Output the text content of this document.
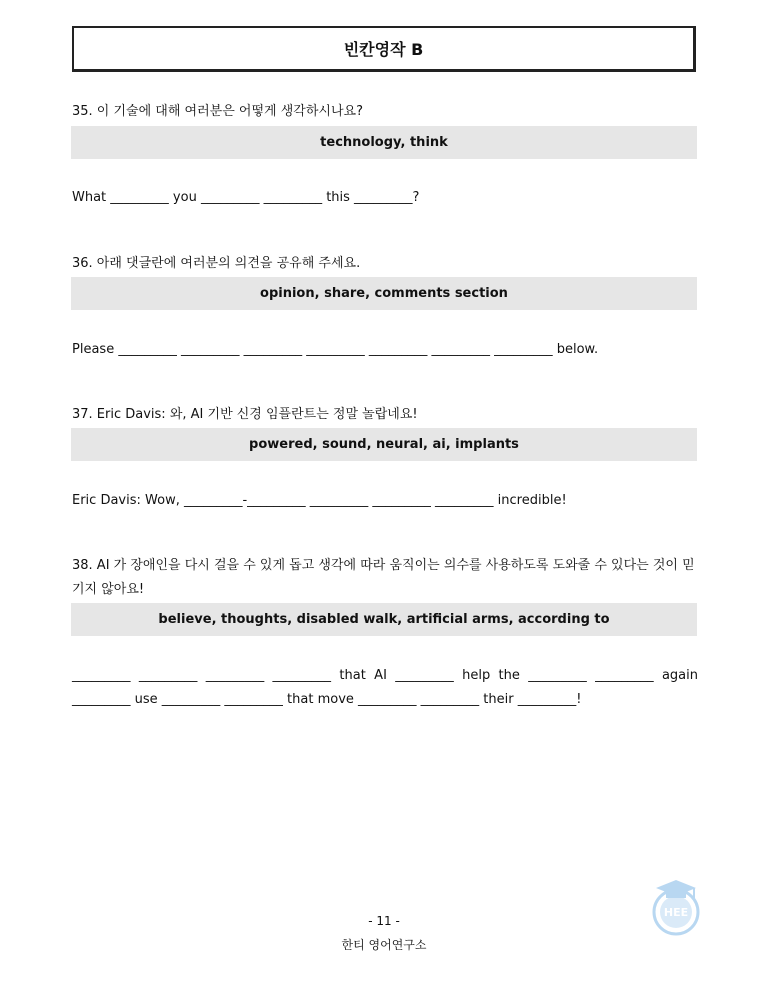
빈칸영작 B
35. 이 기술에 대해 여러분은 어떻게 생각하시나요?
technology, think
What _________ you _________ _________ this _________?
36. 아래 댓글란에 여러분의 의견을 공유해 주세요.
opinion, share, comments section
Please _________ _________ _________ _________ _________ _________ _________ below.
37. Eric Davis: 와, AI 기반 신경 임플란트는 정말 놀랍네요!
powered, sound, neural, ai, implants
Eric Davis: Wow, _________-_________ _________ _________ _________ incredible!
38. AI 가 장애인을 다시 걸을 수 있게 돕고 생각에 따라 움직이는 의수를 사용하도록 도와줄 수 있다는 것이 믿기지 않아요!
believe, thoughts, disabled walk, artificial arms, according to
_________ _________ _________ _________ that AI _________ help the _________ _________ again _________ use _________ _________ that move _________ _________ their _________!
- 11 -
한티 영어연구소
HEE
